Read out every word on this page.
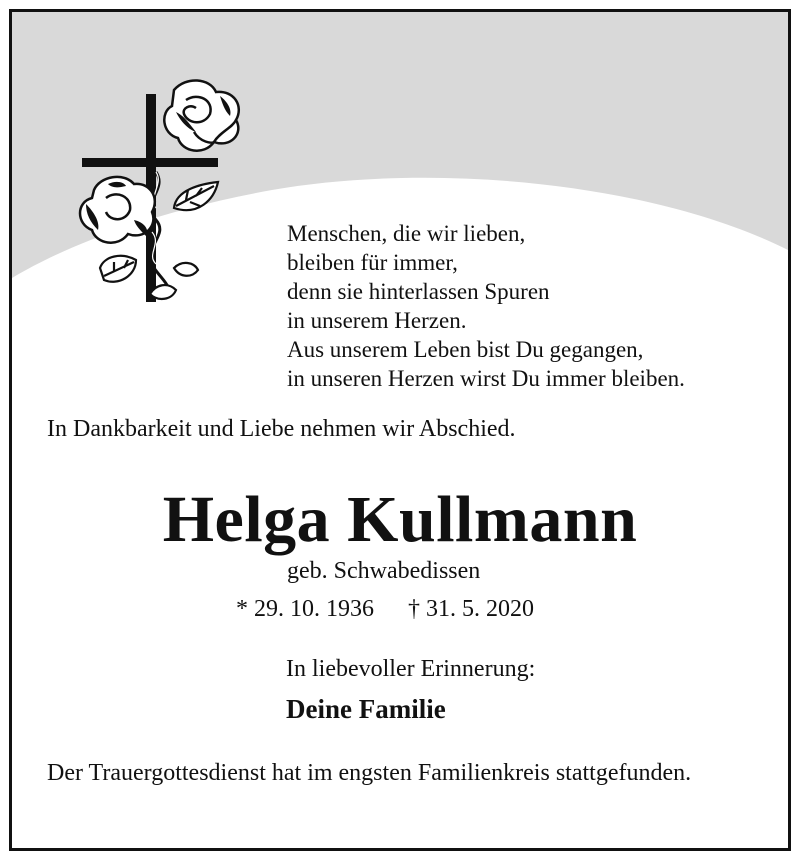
Menschen, die wir lieben,
bleiben für immer,
denn sie hinterlassen Spuren
in unserem Herzen.
Aus unserem Leben bist Du gegangen,
in unseren Herzen wirst Du immer bleiben.
In Dankbarkeit und Liebe nehmen wir Abschied.
Helga Kullmann
geb. Schwabedissen
* 29. 10. 1936 † 31. 5. 2020
In liebevoller Erinnerung:
Deine Familie
Der Trauergottesdienst hat im engsten Familienkreis stattgefunden.
